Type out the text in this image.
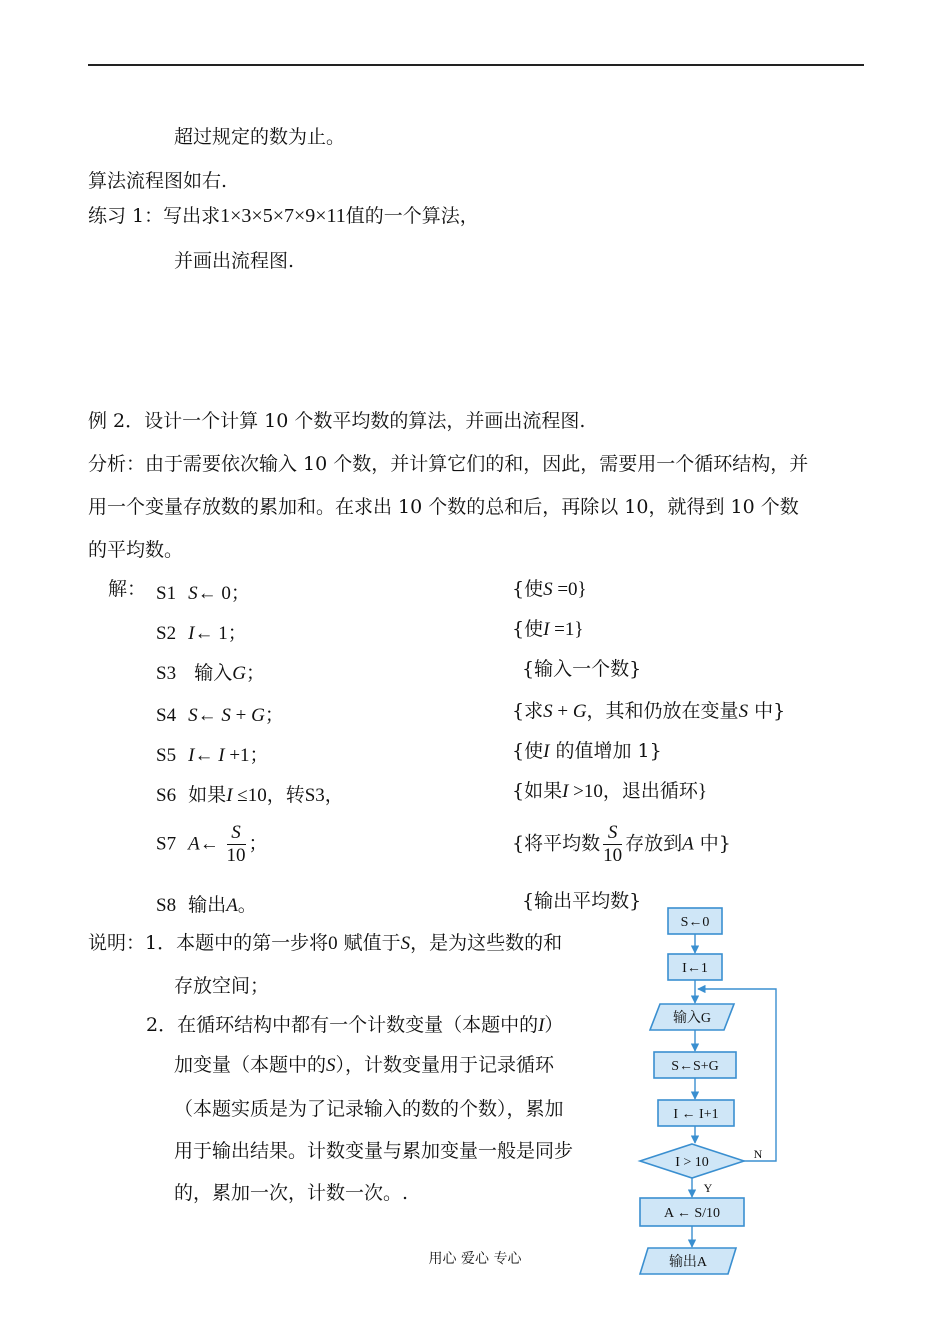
超过规定的数为止。
算法流程图如右.
练习 1：写出求1×3×5×7×9×11值的一个算法，
并画出流程图.
例 2．设计一个计算 10 个数平均数的算法，并画出流程图.
分析：由于需要依次输入 10 个数，并计算它们的和，因此，需要用一个循环结构，并
用一个变量存放数的累加和。在求出 10 个数的总和后，再除以 10，就得到 10 个数
的平均数。
解： S1 S← 0；
S2 I← 1；
S3 输入G；
S4 S← S + G；
S5 I← I +1；
S6 如果I ≤10，转S3，
S7 A← $\frac{S}{10}$ ；
S8 输出A。
{使S =0}
{使I =1}
{输入一个数}
{求S + G，其和仍放在变量S 中}
{使I 的值增加 1}
{如果I >10，退出循环}
{将平均数 $\frac{S}{10}$ 存放到A 中}
{输出平均数}
说明：1．本题中的第一步将0 赋值于S，是为这些数的和
存放空间；
2．在循环结构中都有一个计数变量（本题中的I）
加变量（本题中的S），计数变量用于记录循环
（本题实质是为了记录输入的数的个数），累加
用于输出结果。计数变量与累加变量一般是同步
的，累加一次，计数一次。.
S←0
I←1
输入G
S←S+G
I ← I+1
I > 10
A ← S/10
输出A
N
Y
用心 爱心 专心
